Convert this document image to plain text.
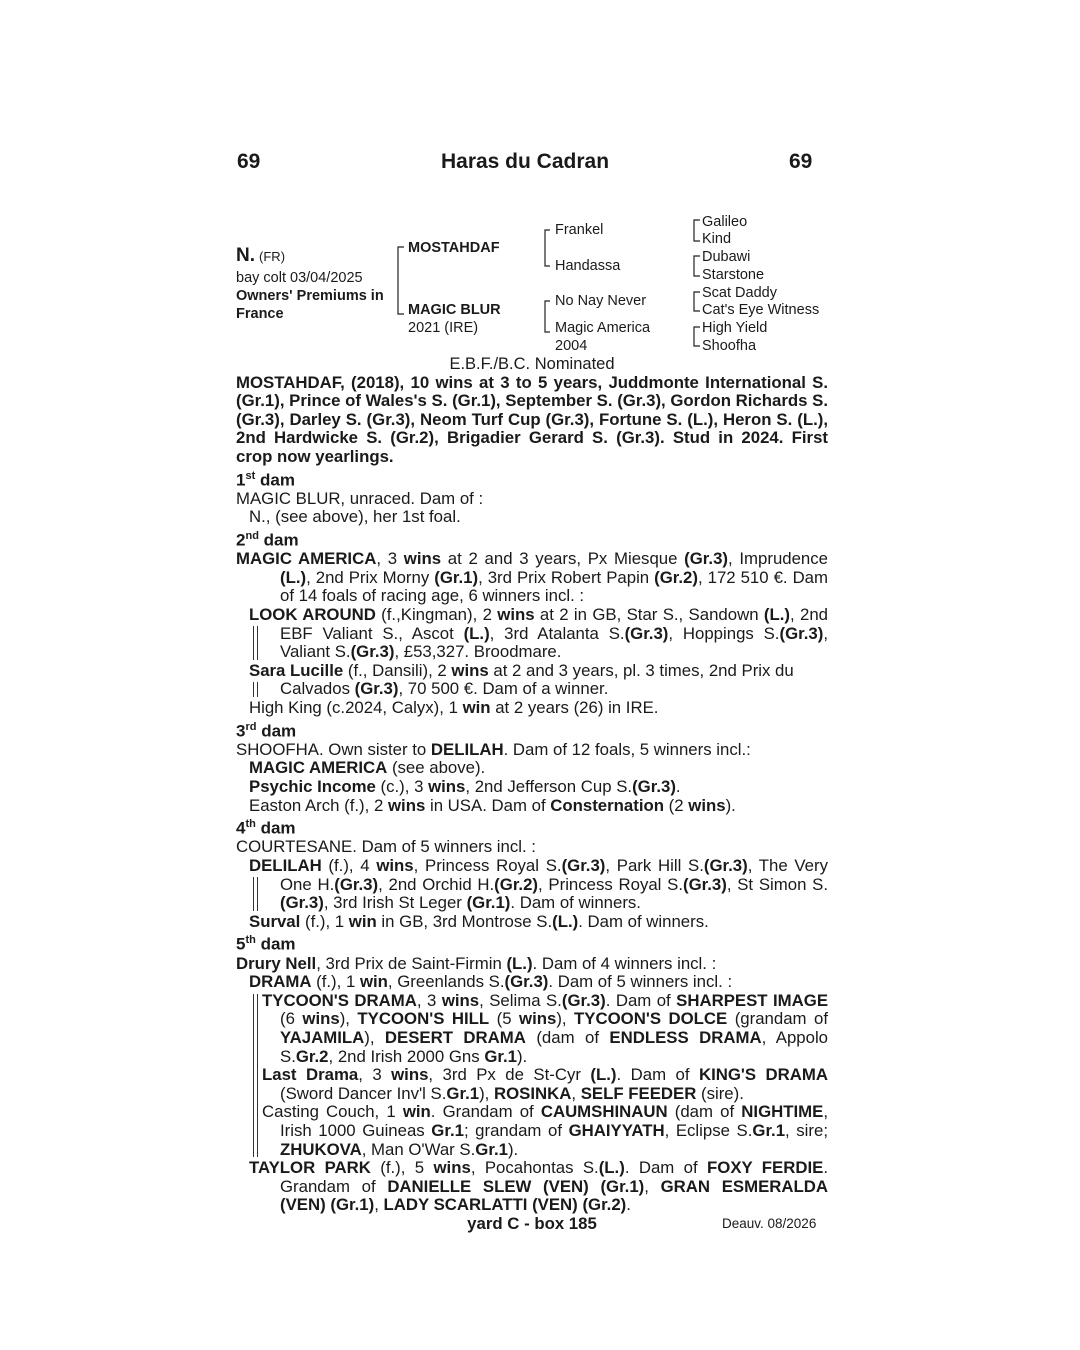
69	Haras du Cadran	69
N. (FR)
bay colt 03/04/2025
Owners' Premiums in
France
MOSTAHDAF
MAGIC BLUR
2021 (IRE)
Frankel
Handassa
No Nay Never
Magic America
2004
Galileo
Kind
Dubawi
Starstone
Scat Daddy
Cat's Eye Witness
High Yield
Shoofha
E.B.F./B.C. Nominated
MOSTAHDAF, (2018), 10 wins at 3 to 5 years, Juddmonte International S. (Gr.1), Prince of Wales's S. (Gr.1), September S. (Gr.3), Gordon Richards S. (Gr.3), Darley S. (Gr.3), Neom Turf Cup (Gr.3), Fortune S. (L.), Heron S. (L.), 2nd Hardwicke S. (Gr.2), Brigadier Gerard S. (Gr.3). Stud in 2024. First crop now yearlings.
1st dam
MAGIC BLUR, unraced. Dam of :
N., (see above), her 1st foal.
2nd dam
MAGIC AMERICA, 3 wins at 2 and 3 years, Px Miesque (Gr.3), Imprudence (L.), 2nd Prix Morny (Gr.1), 3rd Prix Robert Papin (Gr.2), 172 510 €. Dam of 14 foals of racing age, 6 winners incl. :
LOOK AROUND (f.,Kingman), 2 wins at 2 in GB, Star S., Sandown (L.), 2nd EBF Valiant S., Ascot (L.), 3rd Atalanta S.(Gr.3), Hoppings S.(Gr.3), Valiant S.(Gr.3), £53,327. Broodmare.
Sara Lucille (f., Dansili), 2 wins at 2 and 3 years, pl. 3 times, 2nd Prix du Calvados (Gr.3), 70 500 €. Dam of a winner.
High King (c.2024, Calyx), 1 win at 2 years (26) in IRE.
3rd dam
SHOOFHA. Own sister to DELILAH. Dam of 12 foals, 5 winners incl.:
MAGIC AMERICA (see above).
Psychic Income (c.), 3 wins, 2nd Jefferson Cup S.(Gr.3).
Easton Arch (f.), 2 wins in USA. Dam of Consternation (2 wins).
4th dam
COURTESANE. Dam of 5 winners incl. :
DELILAH (f.), 4 wins, Princess Royal S.(Gr.3), Park Hill S.(Gr.3), The Very One H.(Gr.3), 2nd Orchid H.(Gr.2), Princess Royal S.(Gr.3), St Simon S.(Gr.3), 3rd Irish St Leger (Gr.1). Dam of winners.
Surval (f.), 1 win in GB, 3rd Montrose S.(L.). Dam of winners.
5th dam
Drury Nell, 3rd Prix de Saint-Firmin (L.). Dam of 4 winners incl. :
DRAMA (f.), 1 win, Greenlands S.(Gr.3). Dam of 5 winners incl. :
TYCOON'S DRAMA, 3 wins, Selima S.(Gr.3). Dam of SHARPEST IMAGE (6 wins), TYCOON'S HILL (5 wins), TYCOON'S DOLCE (grandam of YAJAMILA), DESERT DRAMA (dam of ENDLESS DRAMA, Appolo S.Gr.2, 2nd Irish 2000 Gns Gr.1).
Last Drama, 3 wins, 3rd Px de St-Cyr (L.). Dam of KING'S DRAMA (Sword Dancer Inv'l S.Gr.1), ROSINKA, SELF FEEDER (sire).
Casting Couch, 1 win. Grandam of CAUMSHINAUN (dam of NIGHTIME, Irish 1000 Guineas Gr.1; grandam of GHAIYYATH, Eclipse S.Gr.1, sire; ZHUKOVA, Man O'War S.Gr.1).
TAYLOR PARK (f.), 5 wins, Pocahontas S.(L.). Dam of FOXY FERDIE. Grandam of DANIELLE SLEW (VEN) (Gr.1), GRAN ESMERALDA (VEN) (Gr.1), LADY SCARLATTI (VEN) (Gr.2).
yard C - box 185	Deauv. 08/2026
